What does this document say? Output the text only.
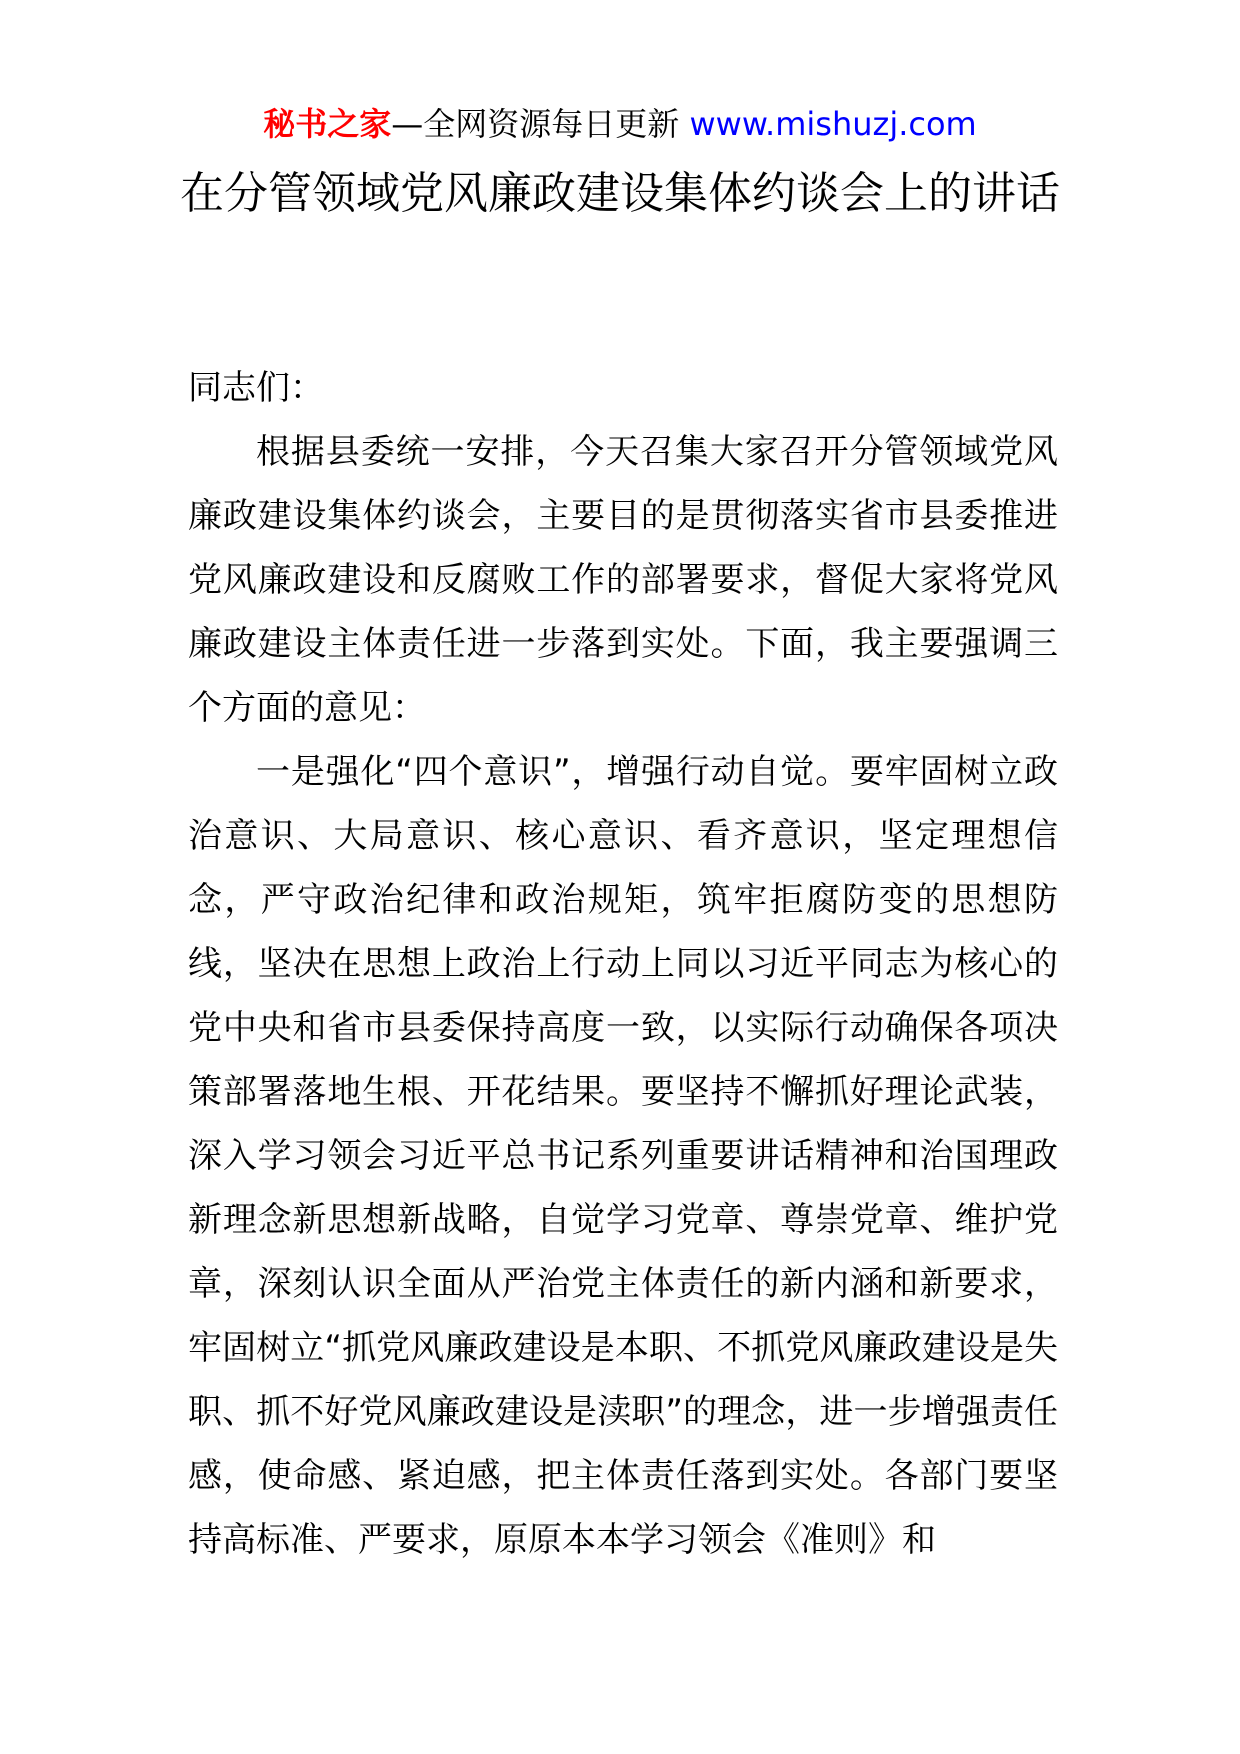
秘书之家—全网资源每日更新 www.mishuzj.com
在分管领域党风廉政建设集体约谈会上的讲话

同志们：

根据县委统一安排，今天召集大家召开分管领域党风廉政建设集体约谈会，主要目的是贯彻落实省市县委推进党风廉政建设和反腐败工作的部署要求，督促大家将党风廉政建设主体责任进一步落到实处。下面，我主要强调三个方面的意见：

一是强化“四个意识”，增强行动自觉。要牢固树立政治意识、大局意识、核心意识、看齐意识，坚定理想信念，严守政治纪律和政治规矩，筑牢拒腐防变的思想防线，坚决在思想上政治上行动上同以习近平同志为核心的党中央和省市县委保持高度一致，以实际行动确保各项决策部署落地生根、开花结果。要坚持不懈抓好理论武装，深入学习领会习近平总书记系列重要讲话精神和治国理政新理念新思想新战略，自觉学习党章、尊崇党章、维护党章，深刻认识全面从严治党主体责任的新内涵和新要求，牢固树立“抓党风廉政建设是本职、不抓党风廉政建设是失职、抓不好党风廉政建设是渎职”的理念，进一步增强责任感，使命感、紧迫感，把主体责任落到实处。各部门要坚持高标准、严要求，原原本本学习领会《准则》和
